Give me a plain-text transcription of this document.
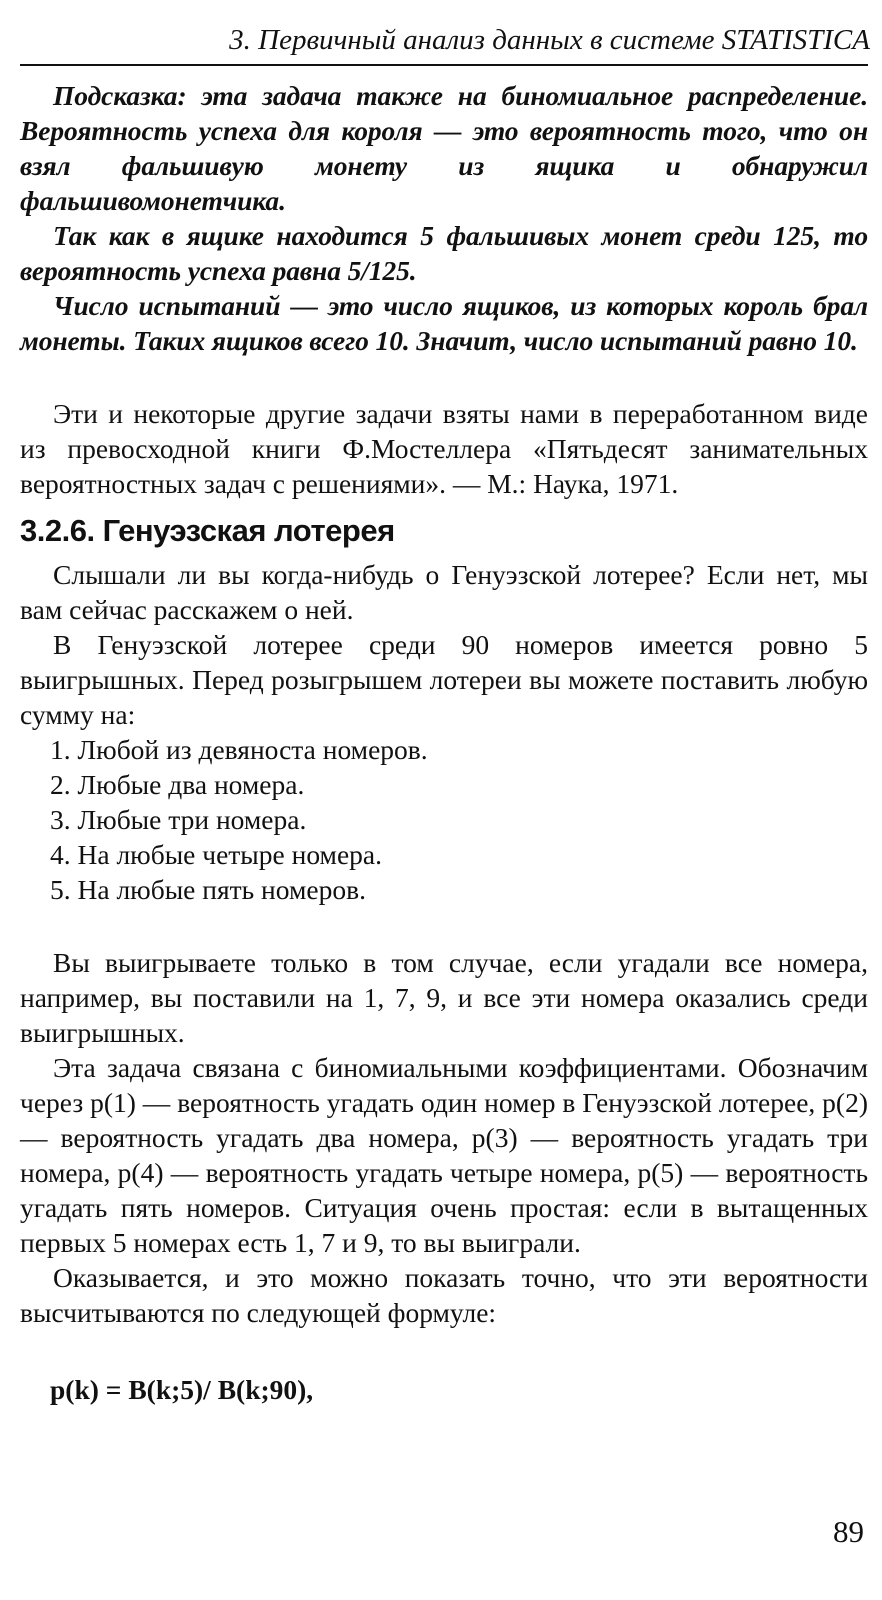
3. Первичный анализ данных в системе STATISTICA

Подсказка: эта задача также на биномиальное распределение. Вероятность успеха для короля — это вероятность того, что он взял фальшивую монету из ящика и обнаружил фальшивомонетчика.

Так как в ящике находится 5 фальшивых монет среди 125, то вероятность успеха равна 5/125.

Число испытаний — это число ящиков, из которых король брал монеты. Таких ящиков всего 10. Значит, число испытаний равно 10.

Эти и некоторые другие задачи взяты нами в переработанном виде из превосходной книги Ф.Мостеллера «Пятьдесят занимательных вероятностных задач с решениями». — М.: Наука, 1971.

3.2.6. Генуэзская лотерея

Слышали ли вы когда-нибудь о Генуэзской лотерее? Если нет, мы вам сейчас расскажем о ней.

В Генуэзской лотерее среди 90 номеров имеется ровно 5 выигрышных. Перед розыгрышем лотереи вы можете поставить любую сумму на:

1. Любой из девяноста номеров.
2. Любые два номера.
3. Любые три номера.
4. На любые четыре номера.
5. На любые пять номеров.

Вы выигрываете только в том случае, если угадали все номера, например, вы поставили на 1, 7, 9, и все эти номера оказались среди выигрышных.

Эта задача связана с биномиальными коэффициентами. Обозначим через p(1) — вероятность угадать один номер в Генуэзской лотерее, p(2) — вероятность угадать два номера, p(3) — вероятность угадать три номера, p(4) — вероятность угадать четыре номера, p(5) — вероятность угадать пять номеров. Ситуация очень простая: если в вытащенных первых 5 номерах есть 1, 7 и 9, то вы выиграли.

Оказывается, и это можно показать точно, что эти вероятности высчитываются по следующей формуле:

p(k) = B(k;5)/ B(k;90),
89
